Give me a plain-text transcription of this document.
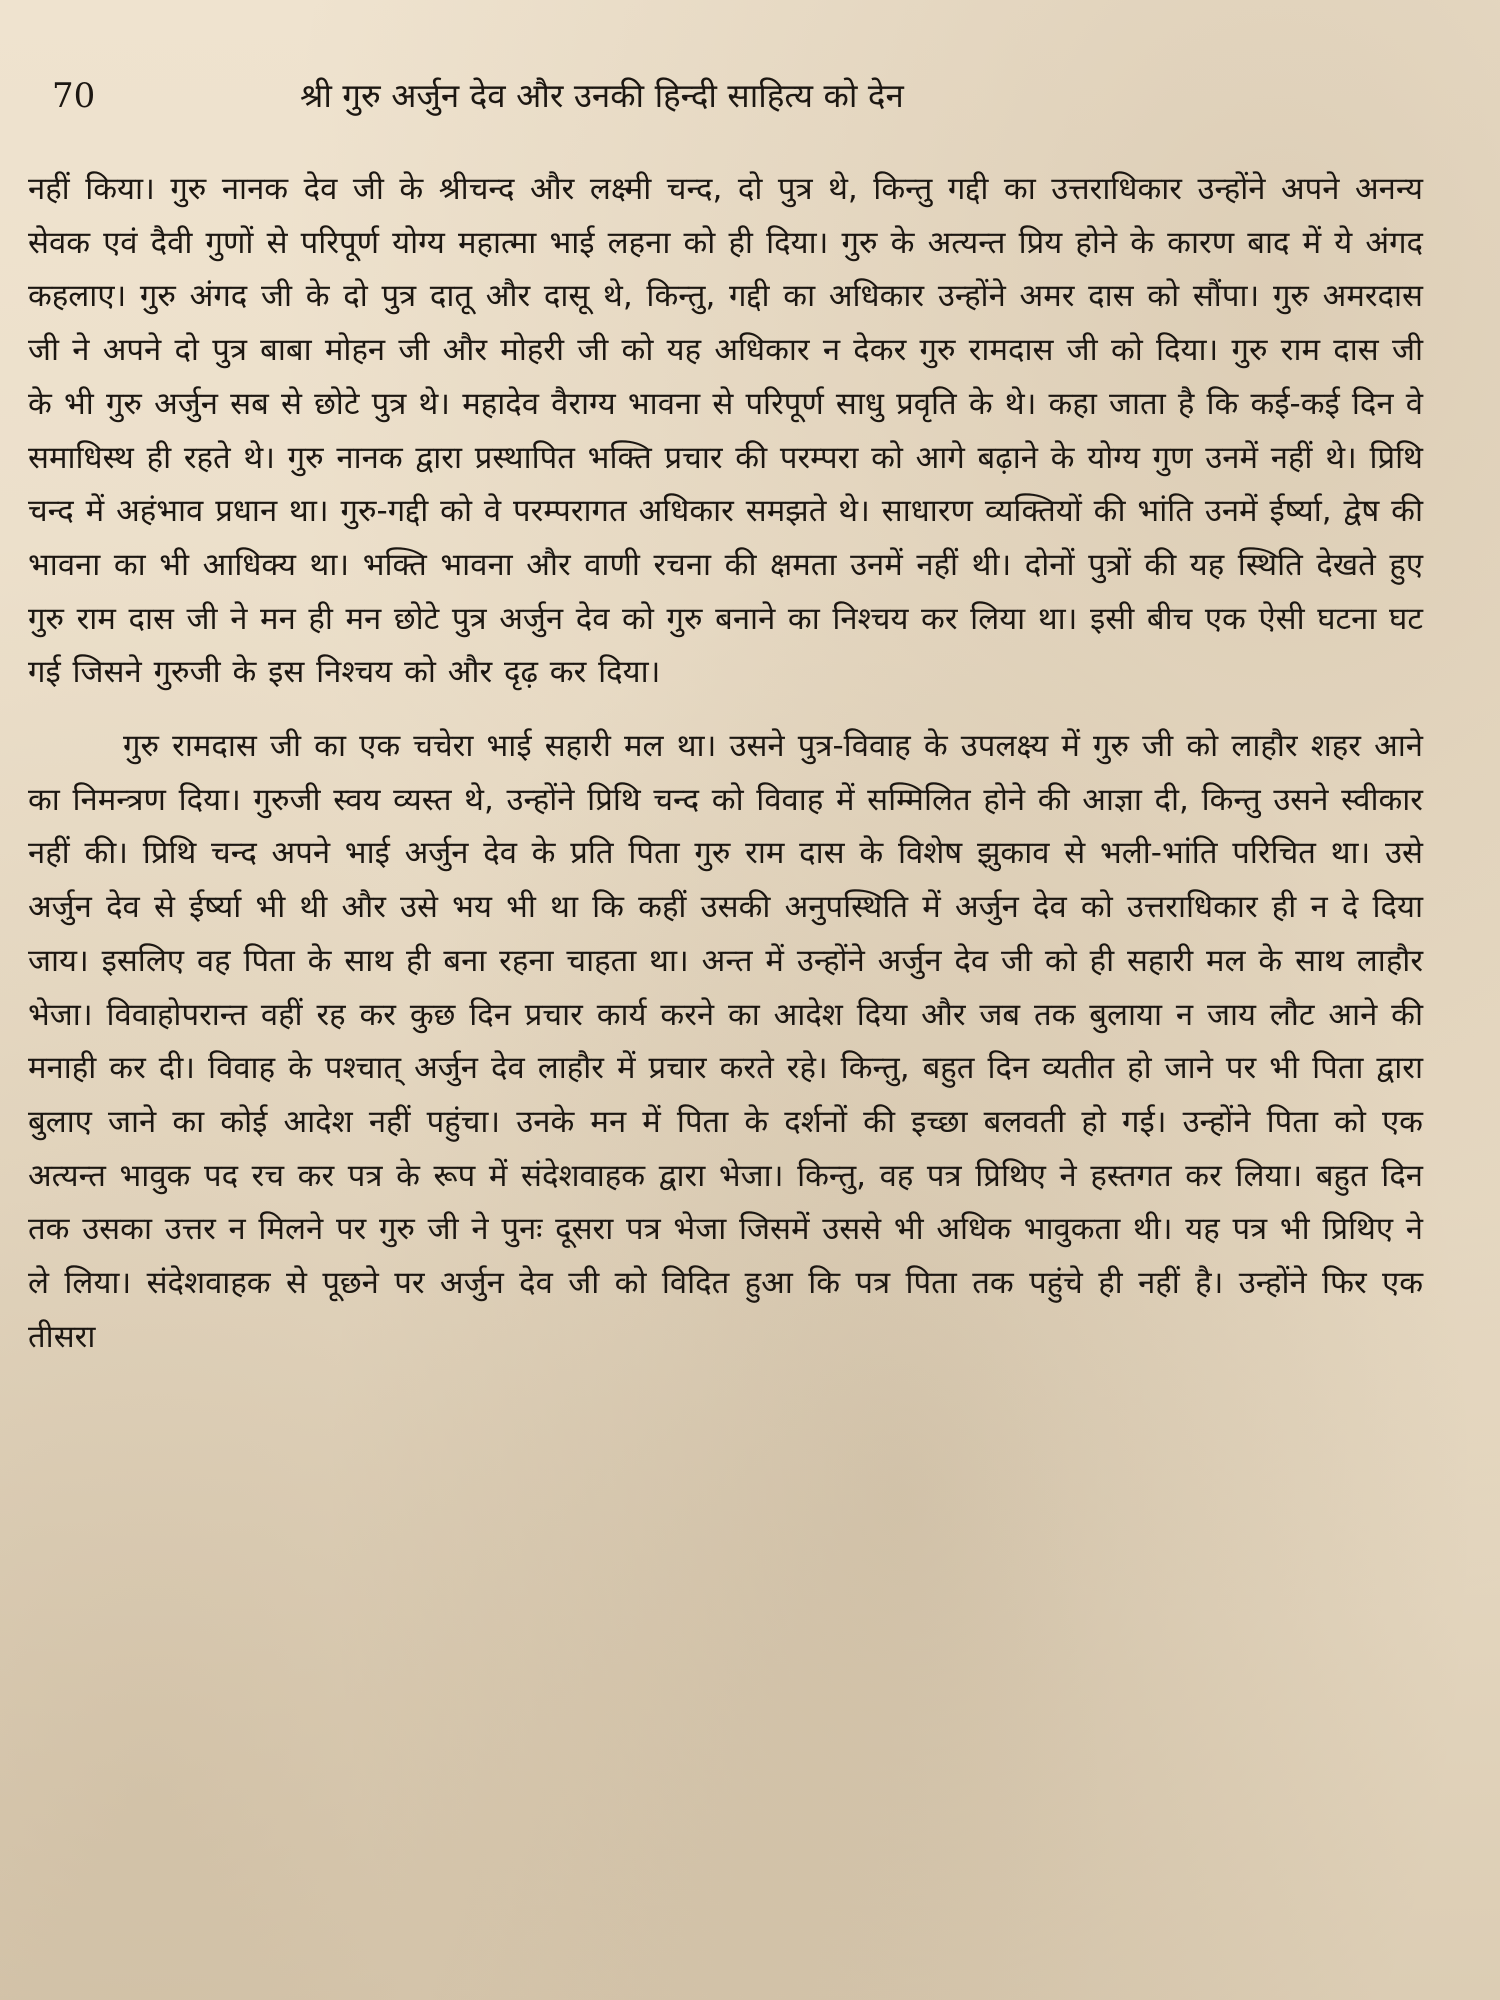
70	श्री गुरु अर्जुन देव और उनकी हिन्दी साहित्य को देन

नहीं किया। गुरु नानक देव जी के श्रीचन्द और लक्ष्मी चन्द, दो पुत्र थे, किन्तु गद्दी का उत्तराधिकार उन्होंने अपने अनन्य सेवक एवं दैवी गुणों से परिपूर्ण योग्य महात्मा भाई लहना को ही दिया। गुरु के अत्यन्त प्रिय होने के कारण बाद में ये अंगद कहलाए। गुरु अंगद जी के दो पुत्र दातू और दासू थे, किन्तु, गद्दी का अधिकार उन्होंने अमर दास को सौंपा। गुरु अमरदास जी ने अपने दो पुत्र बाबा मोहन जी और मोहरी जी को यह अधिकार न देकर गुरु रामदास जी को दिया। गुरु राम दास जी के भी गुरु अर्जुन सब से छोटे पुत्र थे। महादेव वैराग्य भावना से परिपूर्ण साधु प्रवृति के थे। कहा जाता है कि कई-कई दिन वे समाधिस्थ ही रहते थे। गुरु नानक द्वारा प्रस्थापित भक्ति प्रचार की परम्परा को आगे बढ़ाने के योग्य गुण उनमें नहीं थे। प्रिथि चन्द में अहंभाव प्रधान था। गुरु-गद्दी को वे परम्परागत अधिकार समझते थे। साधारण व्यक्तियों की भांति उनमें ईर्ष्या, द्वेष की भावना का भी आधिक्य था। भक्ति भावना और वाणी रचना की क्षमता उनमें नहीं थी। दोनों पुत्रों की यह स्थिति देखते हुए गुरु राम दास जी ने मन ही मन छोटे पुत्र अर्जुन देव को गुरु बनाने का निश्चय कर लिया था। इसी बीच एक ऐसी घटना घट गई जिसने गुरुजी के इस निश्चय को और दृढ़ कर दिया।

गुरु रामदास जी का एक चचेरा भाई सहारी मल था। उसने पुत्र-विवाह के उपलक्ष्य में गुरु जी को लाहौर शहर आने का निमन्त्रण दिया। गुरुजी स्वय व्यस्त थे, उन्होंने प्रिथि चन्द को विवाह में सम्मिलित होने की आज्ञा दी, किन्तु उसने स्वीकार नहीं की। प्रिथि चन्द अपने भाई अर्जुन देव के प्रति पिता गुरु राम दास के विशेष झुकाव से भली-भांति परिचित था। उसे अर्जुन देव से ईर्ष्या भी थी और उसे भय भी था कि कहीं उसकी अनुपस्थिति में अर्जुन देव को उत्तराधिकार ही न दे दिया जाय। इसलिए वह पिता के साथ ही बना रहना चाहता था। अन्त में उन्होंने अर्जुन देव जी को ही सहारी मल के साथ लाहौर भेजा। विवाहोपरान्त वहीं रह कर कुछ दिन प्रचार कार्य करने का आदेश दिया और जब तक बुलाया न जाय लौट आने की मनाही कर दी। विवाह के पश्चात् अर्जुन देव लाहौर में प्रचार करते रहे। किन्तु, बहुत दिन व्यतीत हो जाने पर भी पिता द्वारा बुलाए जाने का कोई आदेश नहीं पहुंचा। उनके मन में पिता के दर्शनों की इच्छा बलवती हो गई। उन्होंने पिता को एक अत्यन्त भावुक पद रच कर पत्र के रूप में संदेशवाहक द्वारा भेजा। किन्तु, वह पत्र प्रिथिए ने हस्तगत कर लिया। बहुत दिन तक उसका उत्तर न मिलने पर गुरु जी ने पुनः दूसरा पत्र भेजा जिसमें उससे भी अधिक भावुकता थी। यह पत्र भी प्रिथिए ने ले लिया। संदेशवाहक से पूछने पर अर्जुन देव जी को विदित हुआ कि पत्र पिता तक पहुंचे ही नहीं है। उन्होंने फिर एक तीसरा
